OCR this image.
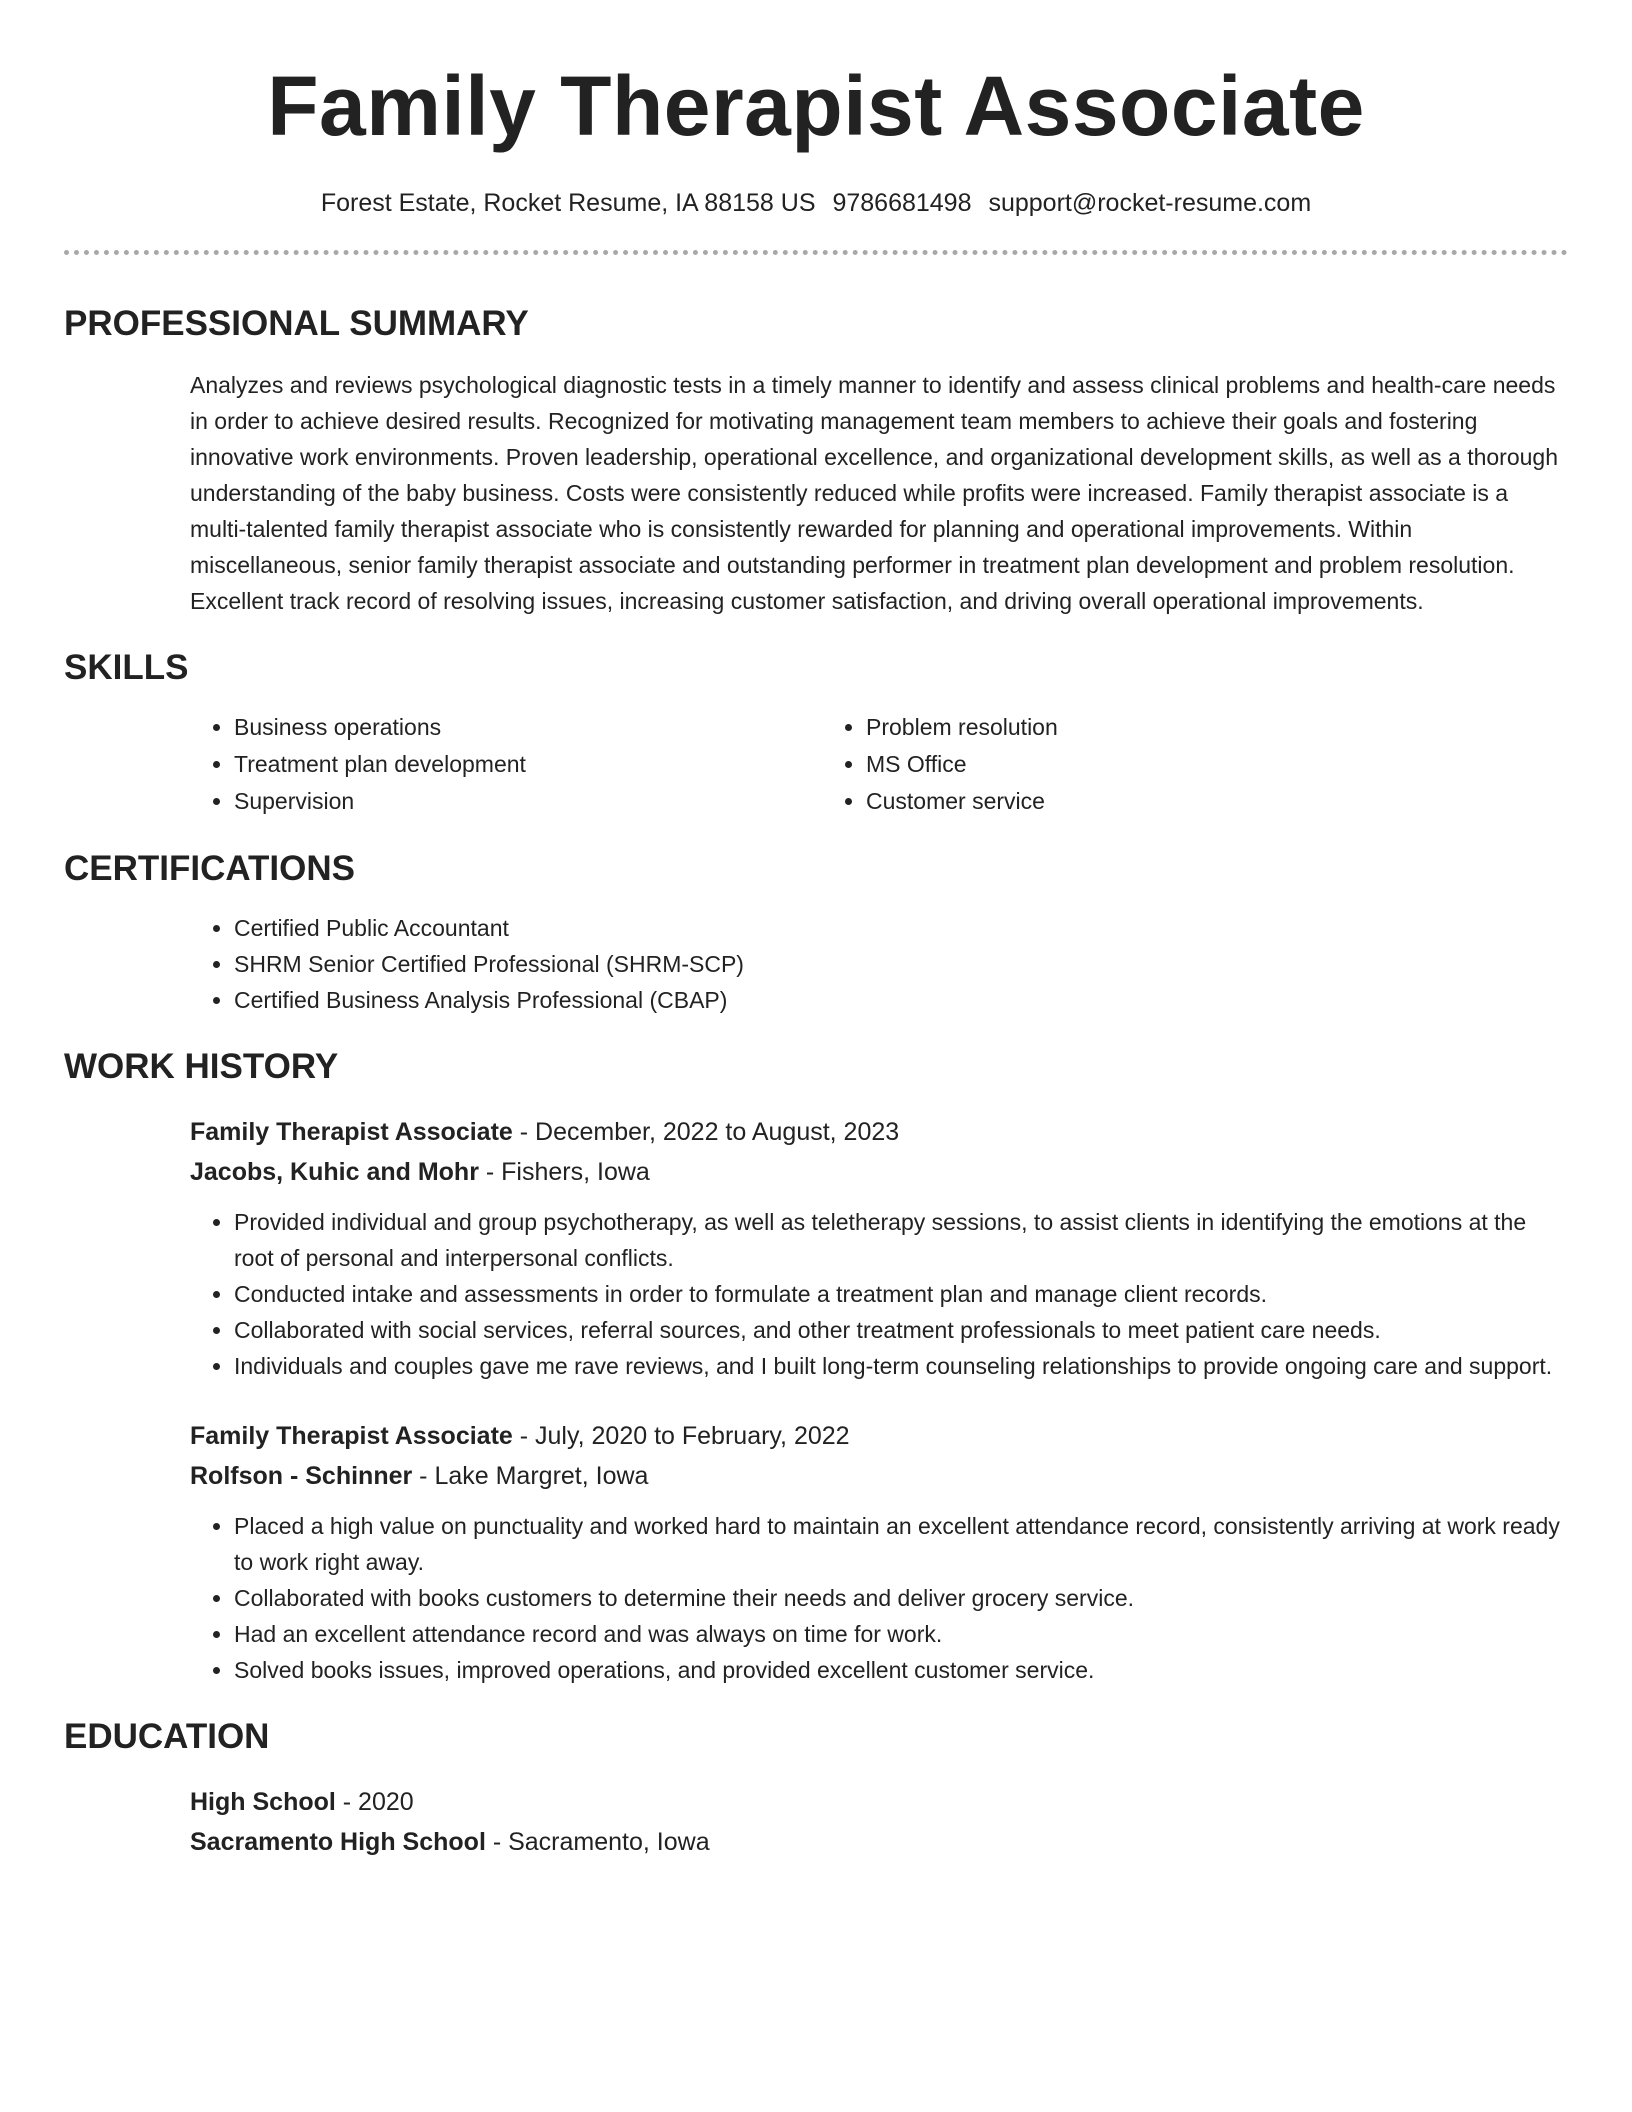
Family Therapist Associate
Forest Estate, Rocket Resume, IA 88158 US 9786681498 support@rocket-resume.com
PROFESSIONAL SUMMARY

Analyzes and reviews psychological diagnostic tests in a timely manner to identify and assess clinical problems and health-care needs in order to achieve desired results. Recognized for motivating management team members to achieve their goals and fostering innovative work environments. Proven leadership, operational excellence, and organizational development skills, as well as a thorough understanding of the baby business. Costs were consistently reduced while profits were increased. Family therapist associate is a multi-talented family therapist associate who is consistently rewarded for planning and operational improvements. Within miscellaneous, senior family therapist associate and outstanding performer in treatment plan development and problem resolution. Excellent track record of resolving issues, increasing customer satisfaction, and driving overall operational improvements.

SKILLS
• Business operations
• Treatment plan development
• Supervision
• Problem resolution
• MS Office
• Customer service
CERTIFICATIONS
• Certified Public Accountant
• SHRM Senior Certified Professional (SHRM-SCP)
• Certified Business Analysis Professional (CBAP)
WORK HISTORY
Family Therapist Associate - December, 2022 to August, 2023
Jacobs, Kuhic and Mohr - Fishers, Iowa
• Provided individual and group psychotherapy, as well as teletherapy sessions, to assist clients in identifying the emotions at the root of personal and interpersonal conflicts.
• Conducted intake and assessments in order to formulate a treatment plan and manage client records.
• Collaborated with social services, referral sources, and other treatment professionals to meet patient care needs.
• Individuals and couples gave me rave reviews, and I built long-term counseling relationships to provide ongoing care and support.
Family Therapist Associate - July, 2020 to February, 2022
Rolfson - Schinner - Lake Margret, Iowa
• Placed a high value on punctuality and worked hard to maintain an excellent attendance record, consistently arriving at work ready to work right away.
• Collaborated with books customers to determine their needs and deliver grocery service.
• Had an excellent attendance record and was always on time for work.
• Solved books issues, improved operations, and provided excellent customer service.
EDUCATION
High School - 2020
Sacramento High School - Sacramento, Iowa
